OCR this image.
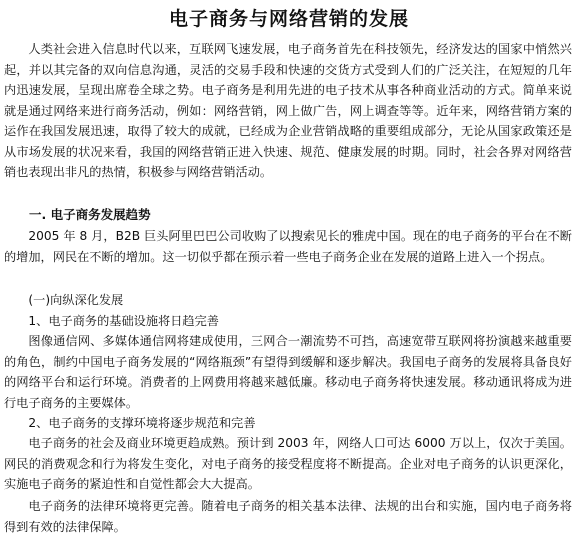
电子商务与网络营销的发展

人类社会进入信息时代以来，互联网飞速发展，电子商务首先在科技领先，经济发达的国家中悄然兴起，并以其完备的双向信息沟通，灵活的交易手段和快速的交货方式受到人们的广泛关注，在短短的几年内迅速发展，呈现出席卷全球之势。电子商务是利用先进的电子技术从事各种商业活动的方式。简单来说就是通过网络来进行商务活动，例如：网络营销，网上做广告，网上调查等等。近年来，网络营销方案的运作在我国发展迅速，取得了较大的成就，已经成为企业营销战略的重要组成部分，无论从国家政策还是从市场发展的状况来看，我国的网络营销正进入快速、规范、健康发展的时期。同时，社会各界对网络营销也表现出非凡的热情，积极参与网络营销活动。

一. 电子商务发展趋势

2005 年 8 月，B2B 巨头阿里巴巴公司收购了以搜索见长的雅虎中国。现在的电子商务的平台在不断的增加，网民在不断的增加。这一切似乎都在预示着一些电子商务企业在发展的道路上进入一个拐点。

(一)向纵深化发展

1、电子商务的基础设施将日趋完善

图像通信网、多媒体通信网将建成使用，三网合一潮流势不可挡，高速宽带互联网将扮演越来越重要的角色，制约中国电子商务发展的“网络瓶颈”有望得到缓解和逐步解决。我国电子商务的发展将具备良好的网络平台和运行环境。消费者的上网费用将越来越低廉。移动电子商务将快速发展。移动通讯将成为进行电子商务的主要媒体。

2、电子商务的支撑环境将逐步规范和完善

电子商务的社会及商业环境更趋成熟。预计到 2003 年，网络人口可达 6000 万以上，仅次于美国。网民的消费观念和行为将发生变化，对电子商务的接受程度将不断提高。企业对电子商务的认识更深化，实施电子商务的紧迫性和自觉性都会大大提高。

电子商务的法律环境将更完善。随着电子商务的相关基本法律、法规的出台和实施，国内电子商务将得到有效的法律保障。
